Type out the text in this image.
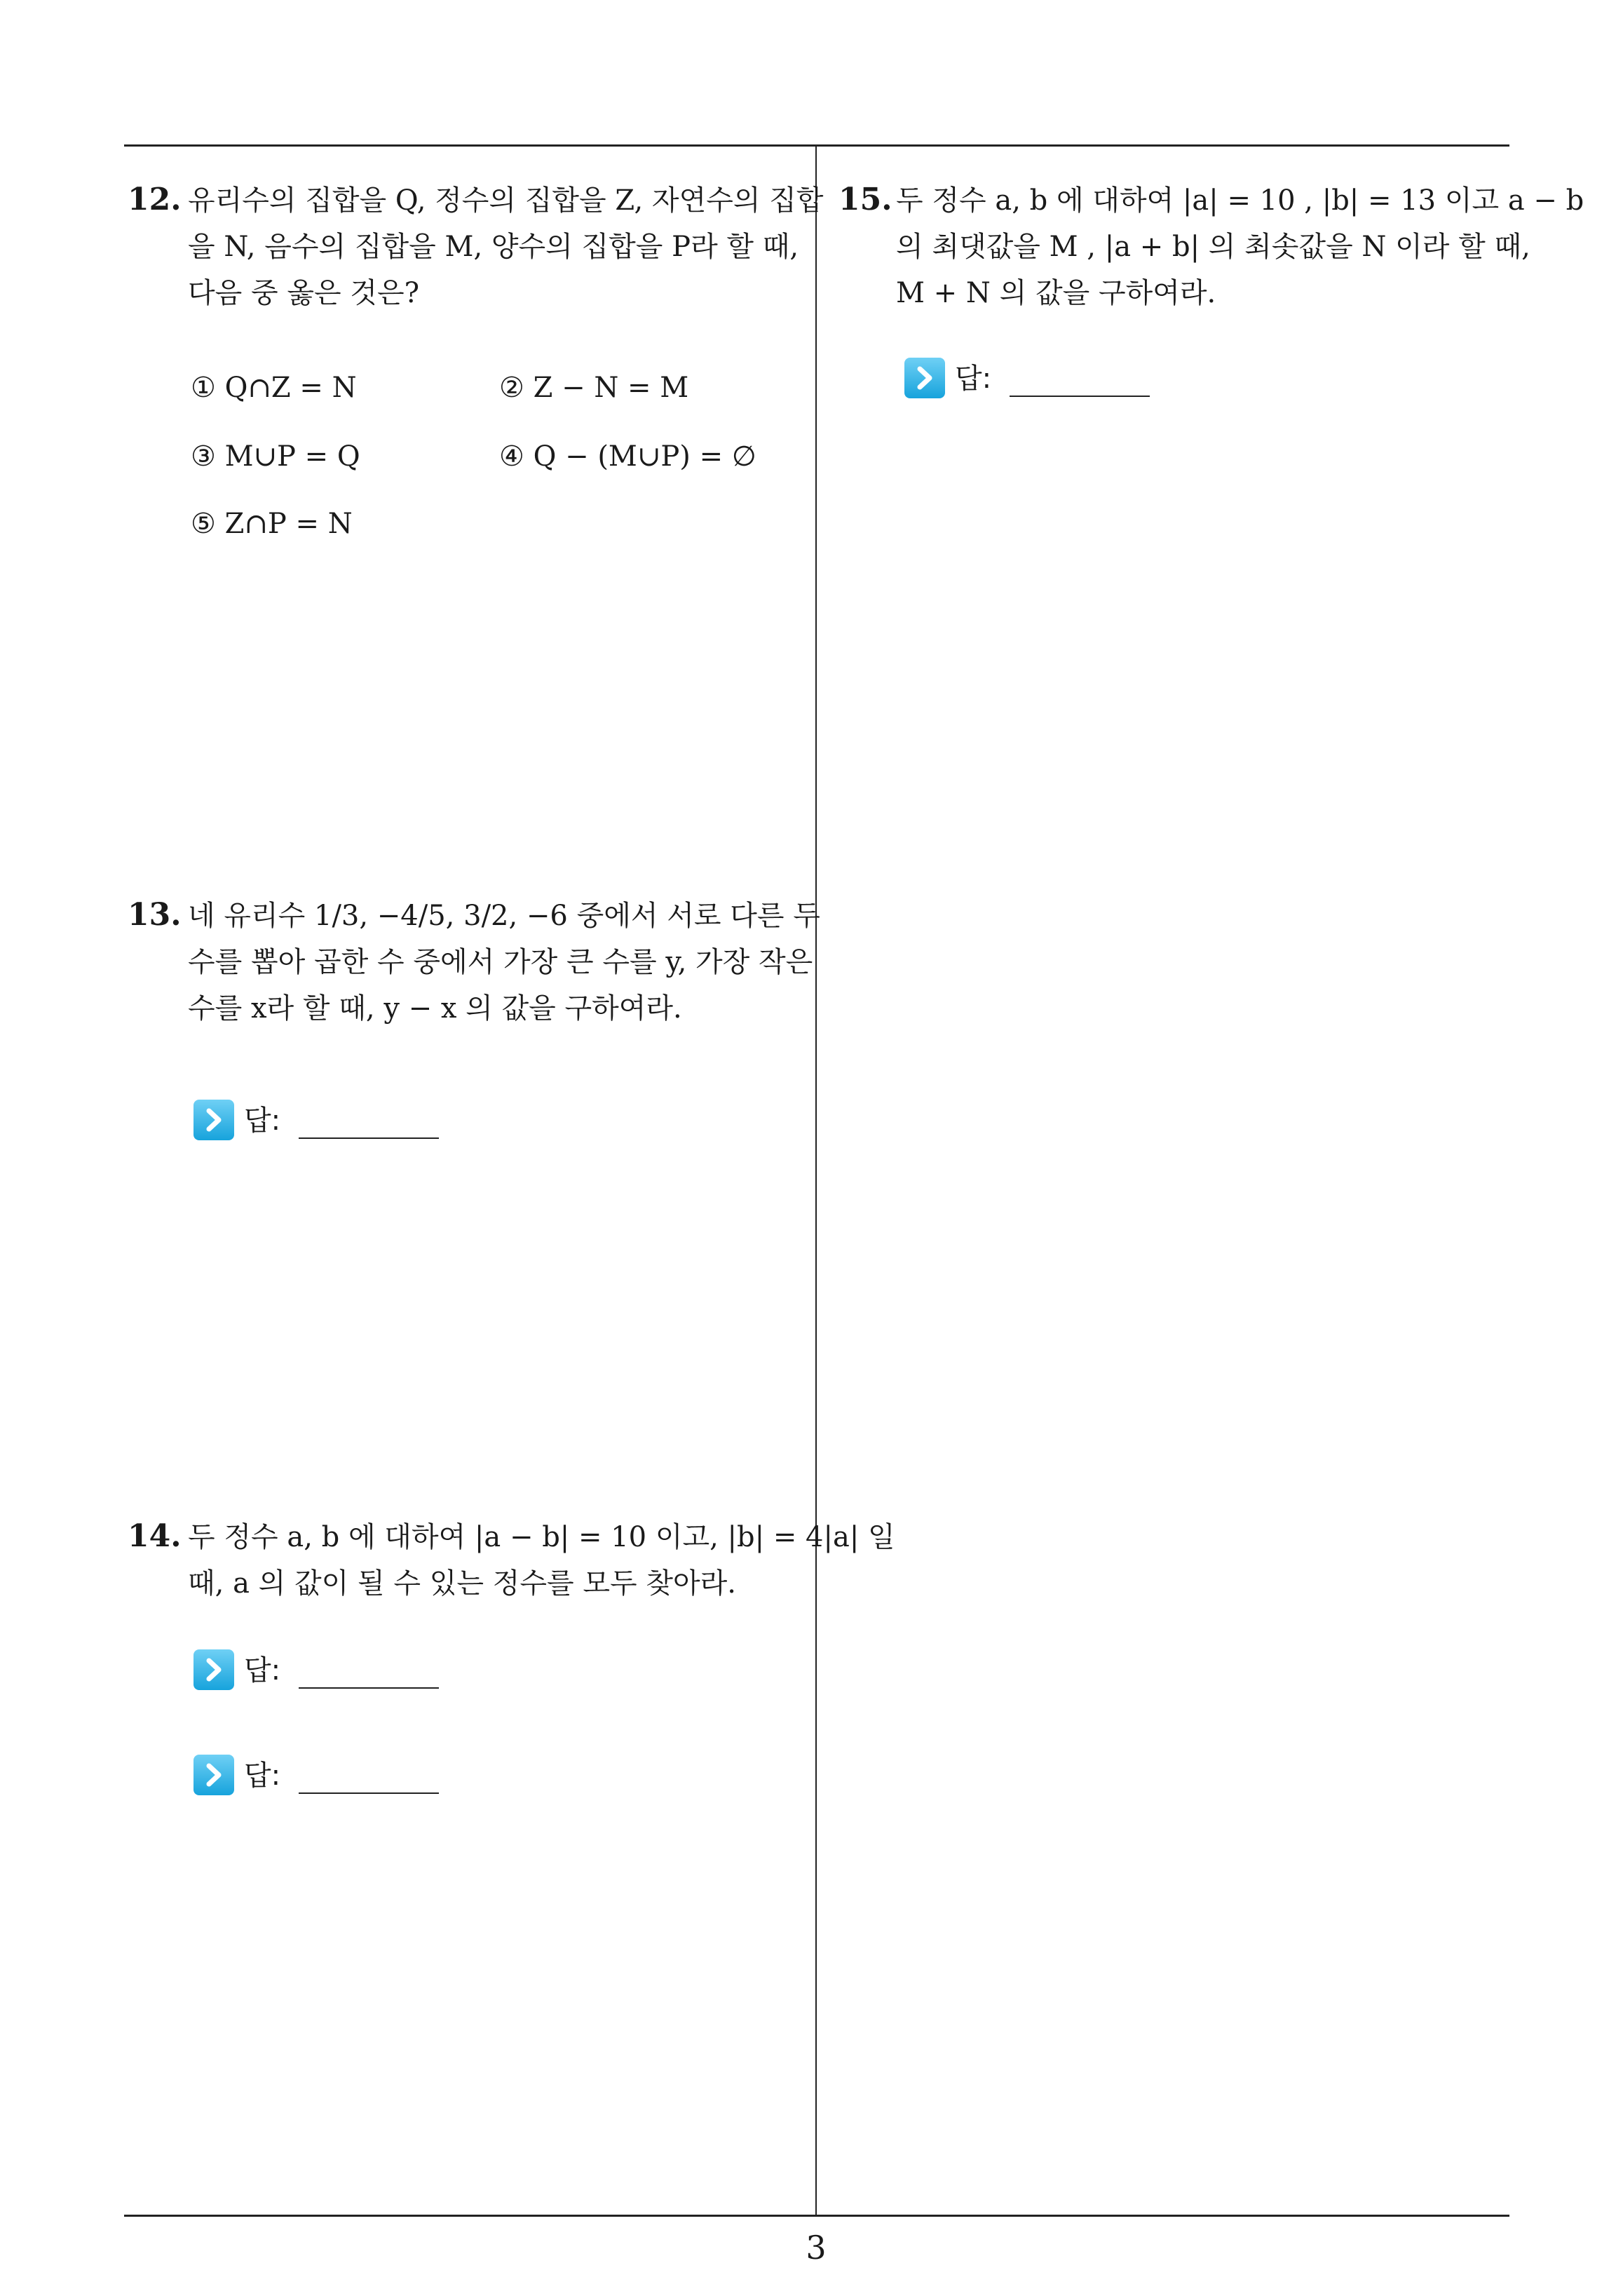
12. 유리수의 집합을 Q, 정수의 집합을 Z, 자연수의 집합
을 N, 음수의 집합을 M, 양수의 집합을 P라 할 때,
다음 중 옳은 것은?
① Q∩Z = N	② Z − N = M
③ M∪P = Q	④ Q − (M∪P) = ∅
⑤ Z∩P = N
13. 네 유리수 1/3, −4/5, 3/2, −6 중에서 서로 다른 두
수를 뽑아 곱한 수 중에서 가장 큰 수를 y, 가장 작은
수를 x라 할 때, y − x 의 값을 구하여라.
답:
14. 두 정수 a, b 에 대하여 |a − b| = 10 이고, |b| = 4|a| 일
때, a 의 값이 될 수 있는 정수를 모두 찾아라.
답:
답:
15. 두 정수 a, b 에 대하여 |a| = 10 , |b| = 13 이고 a − b
의 최댓값을 M , |a + b| 의 최솟값을 N 이라 할 때,
M + N 의 값을 구하여라.
답:
3
